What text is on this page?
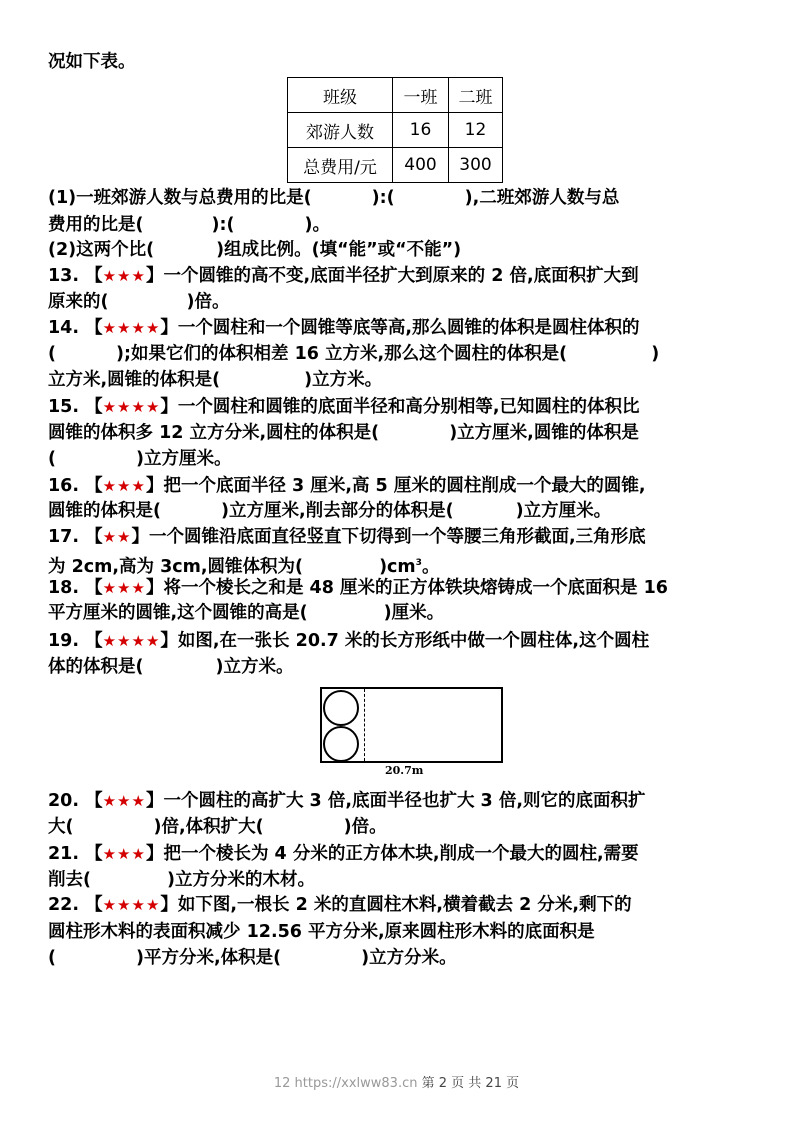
况如下表。
班级	一班	二班
郊游人数	16	12
总费用/元	400	300
(1)一班郊游人数与总费用的比是(	):(	),二班郊游人数与总
费用的比是(	):(	)。
(2)这两个比(	)组成比例。(填“能”或“不能”)
13. 【★★★】一个圆锥的高不变,底面半径扩大到原来的 2 倍,底面积扩大到
原来的(	)倍。
14. 【★★★★】一个圆柱和一个圆锥等底等高,那么圆锥的体积是圆柱体积的
(	);如果它们的体积相差 16 立方米,那么这个圆柱的体积是(	)
立方米,圆锥的体积是(	)立方米。
15. 【★★★★】一个圆柱和圆锥的底面半径和高分别相等,已知圆柱的体积比
圆锥的体积多 12 立方分米,圆柱的体积是(	)立方厘米,圆锥的体积是
(	)立方厘米。
16. 【★★★】把一个底面半径 3 厘米,高 5 厘米的圆柱削成一个最大的圆锥,
圆锥的体积是(	)立方厘米,削去部分的体积是(	)立方厘米。
17. 【★★】一个圆锥沿底面直径竖直下切得到一个等腰三角形截面,三角形底
为 2cm,高为 3cm,圆锥体积为(	)$cm^3$。
18. 【★★★】将一个棱长之和是 48 厘米的正方体铁块熔铸成一个底面积是 16
平方厘米的圆锥,这个圆锥的高是(	)厘米。
19. 【★★★★】如图,在一张长 20.7 米的长方形纸中做一个圆柱体,这个圆柱
体的体积是(	)立方米。
20.7m
20. 【★★★】一个圆柱的高扩大 3 倍,底面半径也扩大 3 倍,则它的底面积扩
大(	)倍,体积扩大(	)倍。
21. 【★★★】把一个棱长为 4 分米的正方体木块,削成一个最大的圆柱,需要
削去(	)立方分米的木材。
22. 【★★★★】如下图,一根长 2 米的直圆柱木料,横着截去 2 分米,剩下的
圆柱形木料的表面积减少 12.56 平方分米,原来圆柱形木料的底面积是
(	)平方分米,体积是(	)立方分米。
12 https://xxlww83.cn 第 2 页 共 21 页
